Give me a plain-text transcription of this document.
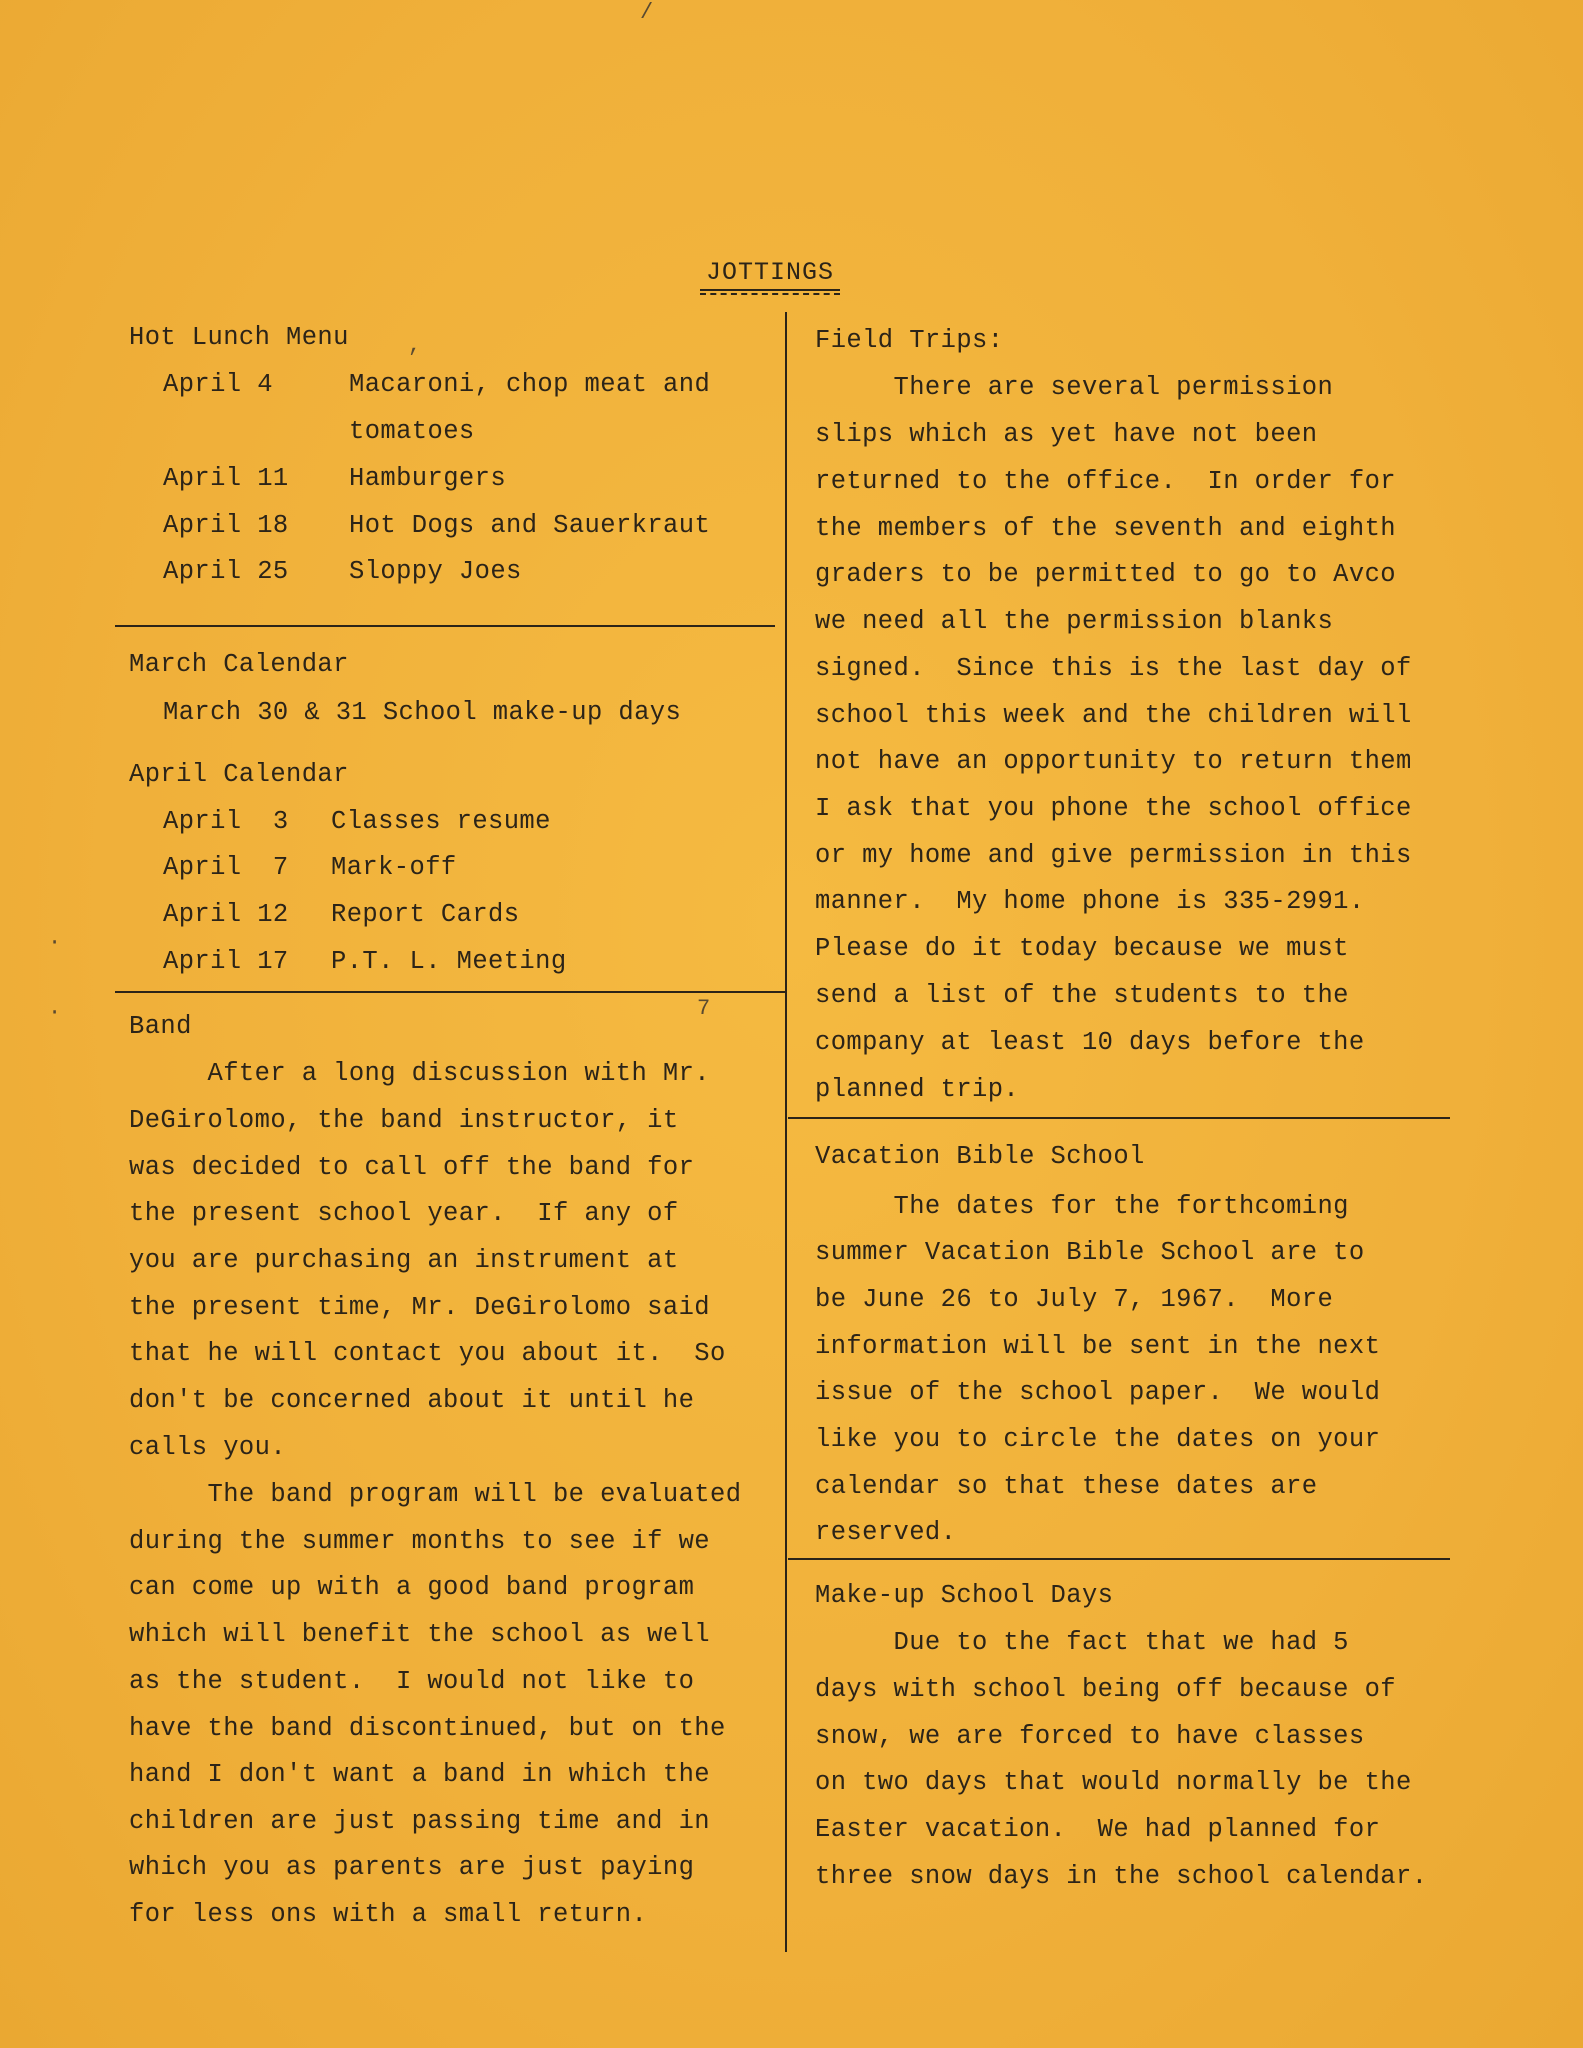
JOTTINGS
Hot Lunch Menu
April 4	Macaroni, chop meat and
tomatoes
April 11 Hamburgers
April 18 Hot Dogs and Sauerkraut
April 25 Sloppy Joes
March Calendar
March 30 & 31 School make-up days
April Calendar
April  3 Classes resume
April  7 Mark-off
April 12 Report Cards
April 17 P.T. L. Meeting
Band
After a long discussion with Mr.
DeGirolomo, the band instructor, it
was decided to call off the band for
the present school year.  If any of
you are purchasing an instrument at
the present time, Mr. DeGirolomo said
that he will contact you about it.  So
don't be concerned about it until he
calls you.
The band program will be evaluated
during the summer months to see if we
can come up with a good band program
which will benefit the school as well
as the student.  I would not like to
have the band discontinued, but on the
hand I don't want a band in which the
children are just passing time and in
which you as parents are just paying
for less ons with a small return.
Field Trips:
There are several permission
slips which as yet have not been
returned to the office.  In order for
the members of the seventh and eighth
graders to be permitted to go to Avco
we need all the permission blanks
signed.  Since this is the last day of
school this week and the children will
not have an opportunity to return them
I ask that you phone the school office
or my home and give permission in this
manner.  My home phone is 335-2991.
Please do it today because we must
send a list of the students to the
company at least 10 days before the
planned trip.
Vacation Bible School
The dates for the forthcoming
summer Vacation Bible School are to
be June 26 to July 7, 1967.  More
information will be sent in the next
issue of the school paper.  We would
like you to circle the dates on your
calendar so that these dates are
reserved.
Make-up School Days
Due to the fact that we had 5
days with school being off because of
snow, we are forced to have classes
on two days that would normally be the
Easter vacation.  We had planned for
three snow days in the school calendar.
/
,
7
·
·
